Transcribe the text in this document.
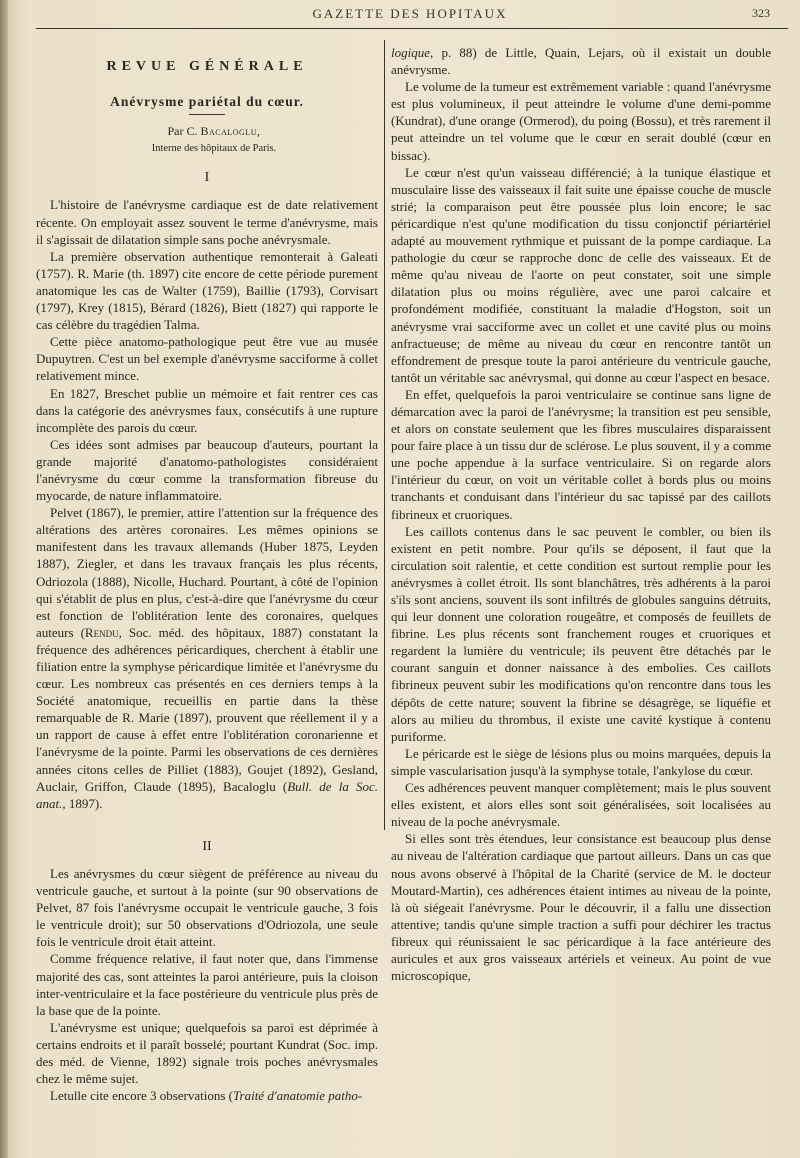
GAZETTE DES HOPITAUX	323
REVUE GÉNÉRALE
Anévrysme pariétal du cœur.

Par C. Bacaloglu,

Interne des hôpitaux de Paris.

I

L'histoire de l'anévrysme cardiaque est de date relativement récente. On employait assez souvent le terme d'anévrysme, mais il s'agissait de dilatation simple sans poche anévrysmale.

La première observation authentique remonterait à Galeati (1757). R. Marie (th. 1897) cite encore de cette période purement anatomique les cas de Walter (1759), Baillie (1793), Corvisart (1797), Krey (1815), Bérard (1826), Biett (1827) qui rapporte le cas célèbre du tragédien Talma.

Cette pièce anatomo-pathologique peut être vue au musée Dupuytren. C'est un bel exemple d'anévrysme sacciforme à collet relativement mince.

En 1827, Breschet publie un mémoire et fait rentrer ces cas dans la catégorie des anévrysmes faux, consécutifs à une rupture incomplète des parois du cœur.

Ces idées sont admises par beaucoup d'auteurs, pourtant la grande majorité d'anatomo-pathologistes considéraient l'anévrysme du cœur comme la transformation fibreuse du myocarde, de nature inflammatoire.

Pelvet (1867), le premier, attire l'attention sur la fréquence des altérations des artères coronaires. Les mêmes opinions se manifestent dans les travaux allemands (Huber 1875, Leyden 1887), Ziegler, et dans les travaux français les plus récents, Odriozola (1888), Nicolle, Huchard. Pourtant, à côté de l'opinion qui s'établit de plus en plus, c'est-à-dire que l'anévrysme du cœur est fonction de l'oblitération lente des coronaires, quelques auteurs (Rendu, Soc. méd. des hôpitaux, 1887) constatant la fréquence des adhérences péricardiques, cherchent à établir une filiation entre la symphyse péricardique limitée et l'anévrysme du cœur. Les nombreux cas présentés en ces derniers temps à la Société anatomique, recueillis en partie dans la thèse remarquable de R. Marie (1897), prouvent que réellement il y a un rapport de cause à effet entre l'oblitération coronarienne et l'anévrysme de la pointe. Parmi les observations de ces dernières années citons celles de Pilliet (1883), Goujet (1892), Gesland, Auclair, Griffon, Claude (1895), Bacaloglu (Bull. de la Soc. anat., 1897).

II

Les anévrysmes du cœur siègent de préférence au niveau du ventricule gauche, et surtout à la pointe (sur 90 observations de Pelvet, 87 fois l'anévrysme occupait le ventricule gauche, 3 fois le ventricule droit); sur 50 observations d'Odriozola, une seule fois le ventricule droit était atteint.

Comme fréquence relative, il faut noter que, dans l'immense majorité des cas, sont atteintes la paroi antérieure, puis la cloison inter-ventriculaire et la face postérieure du ventricule plus près de la base que de la pointe.

L'anévrysme est unique; quelquefois sa paroi est déprimée à certains endroits et il paraît bosselé; pourtant Kundrat (Soc. imp. des méd. de Vienne, 1892) signale trois poches anévrysmales chez le même sujet.

Letulle cite encore 3 observations (Traité d'anatomie patho-

logique, p. 88) de Little, Quain, Lejars, où il existait un double anévrysme.

Le volume de la tumeur est extrêmement variable : quand l'anévrysme est plus volumineux, il peut atteindre le volume d'une demi-pomme (Kundrat), d'une orange (Ormerod), du poing (Bossu), et très rarement il peut atteindre un tel volume que le cœur en serait doublé (cœur en bissac).

Le cœur n'est qu'un vaisseau différencié; à la tunique élastique et musculaire lisse des vaisseaux il fait suite une épaisse couche de muscle strié; la comparaison peut être poussée plus loin encore; le sac péricardique n'est qu'une modification du tissu conjonctif périartériel adapté au mouvement rythmique et puissant de la pompe cardiaque. La pathologie du cœur se rapproche donc de celle des vaisseaux. Et de même qu'au niveau de l'aorte on peut constater, soit une simple dilatation plus ou moins régulière, avec une paroi calcaire et profondément modifiée, constituant la maladie d'Hogston, soit un anévrysme vrai sacciforme avec un collet et une cavité plus ou moins anfractueuse; de même au niveau du cœur en rencontre tantôt un effondrement de presque toute la paroi antérieure du ventricule gauche, tantôt un véritable sac anévrysmal, qui donne au cœur l'aspect en besace.

En effet, quelquefois la paroi ventriculaire se continue sans ligne de démarcation avec la paroi de l'anévrysme; la transition est peu sensible, et alors on constate seulement que les fibres musculaires disparaissent pour faire place à un tissu dur de sclérose. Le plus souvent, il y a comme une poche appendue à la surface ventriculaire. Si on regarde alors l'intérieur du cœur, on voit un véritable collet à bords plus ou moins tranchants et conduisant dans l'intérieur du sac tapissé par des caillots fibrineux et cruoriques.

Les caillots contenus dans le sac peuvent le combler, ou bien ils existent en petit nombre. Pour qu'ils se déposent, il faut que la circulation soit ralentie, et cette condition est surtout remplie pour les anévrysmes à collet étroit. Ils sont blanchâtres, très adhérents à la paroi s'ils sont anciens, souvent ils sont infiltrés de globules sanguins détruits, qui leur donnent une coloration rougeâtre, et composés de feuillets de fibrine. Les plus récents sont franchement rouges et cruoriques et regardent la lumière du ventricule; ils peuvent être détachés par le courant sanguin et donner naissance à des embolies. Ces caillots fibrineux peuvent subir les modifications qu'on rencontre dans tous les dépôts de cette nature; souvent la fibrine se désagrège, se liquéfie et alors au milieu du thrombus, il existe une cavité kystique à contenu puriforme.

Le péricarde est le siège de lésions plus ou moins marquées, depuis la simple vascularisation jusqu'à la symphyse totale, l'ankylose du cœur.

Ces adhérences peuvent manquer complètement; mais le plus souvent elles existent, et alors elles sont soit généralisées, soit localisées au niveau de la poche anévrysmale.

Si elles sont très étendues, leur consistance est beaucoup plus dense au niveau de l'altération cardiaque que partout ailleurs. Dans un cas que nous avons observé à l'hôpital de la Charité (service de M. le docteur Moutard-Martin), ces adhérences étaient intimes au niveau de la pointe, là où siégeait l'anévrysme. Pour le découvrir, il a fallu une dissection attentive; tandis qu'une simple traction a suffi pour déchirer les tractus fibreux qui réunissaient le sac péricardique à la face antérieure des auricules et aux gros vaisseaux artériels et veineux. Au point de vue microscopique,
